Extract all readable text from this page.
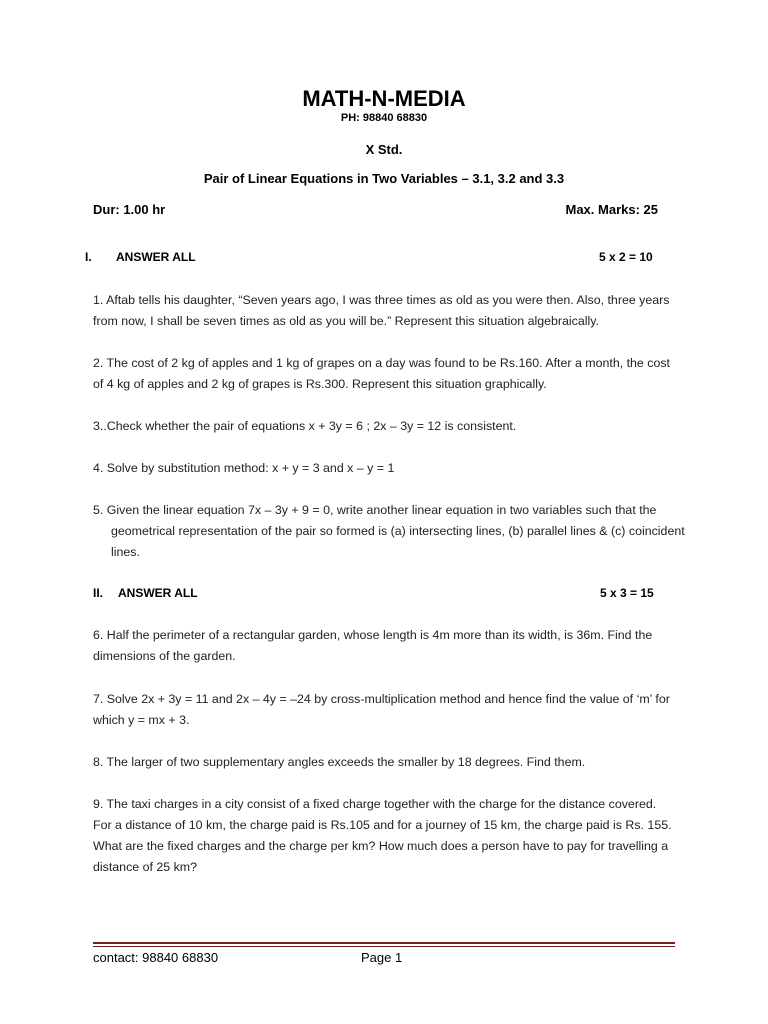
MATH-N-MEDIA
PH: 98840 68830
X Std.
Pair of Linear Equations in Two Variables – 3.1, 3.2 and 3.3
Dur: 1.00 hr	Max. Marks: 25
I. ANSWER ALL	5 x 2 = 10
1. Aftab tells his daughter, “Seven years ago, I was three times as old as you were then. Also, three years from now, I shall be seven times as old as you will be.” Represent this situation algebraically.
2. The cost of 2 kg of apples and 1 kg of grapes on a day was found to be Rs.160. After a month, the cost of 4 kg of apples and 2 kg of grapes is Rs.300. Represent this situation graphically.
3..Check whether the pair of equations x + 3y = 6 ; 2x – 3y = 12 is consistent.
4. Solve by substitution method: x + y = 3 and x – y = 1
5. Given the linear equation 7x – 3y + 9 = 0, write another linear equation in two variables such that the geometrical representation of the pair so formed is (a) intersecting lines, (b) parallel lines & (c) coincident lines.
II. ANSWER ALL	5 x 3 = 15
6. Half the perimeter of a rectangular garden, whose length is 4m more than its width, is 36m. Find the dimensions of the garden.
7. Solve 2x + 3y = 11 and 2x – 4y = –24 by cross-multiplication method and hence find the value of ‘m’ for which y = mx + 3.
8. The larger of two supplementary angles exceeds the smaller by 18 degrees. Find them.
9. The taxi charges in a city consist of a fixed charge together with the charge for the distance covered. For a distance of 10 km, the charge paid is Rs.105 and for a journey of 15 km, the charge paid is Rs. 155. What are the fixed charges and the charge per km? How much does a person have to pay for travelling a distance of 25 km?
contact: 98840 68830	Page 1
